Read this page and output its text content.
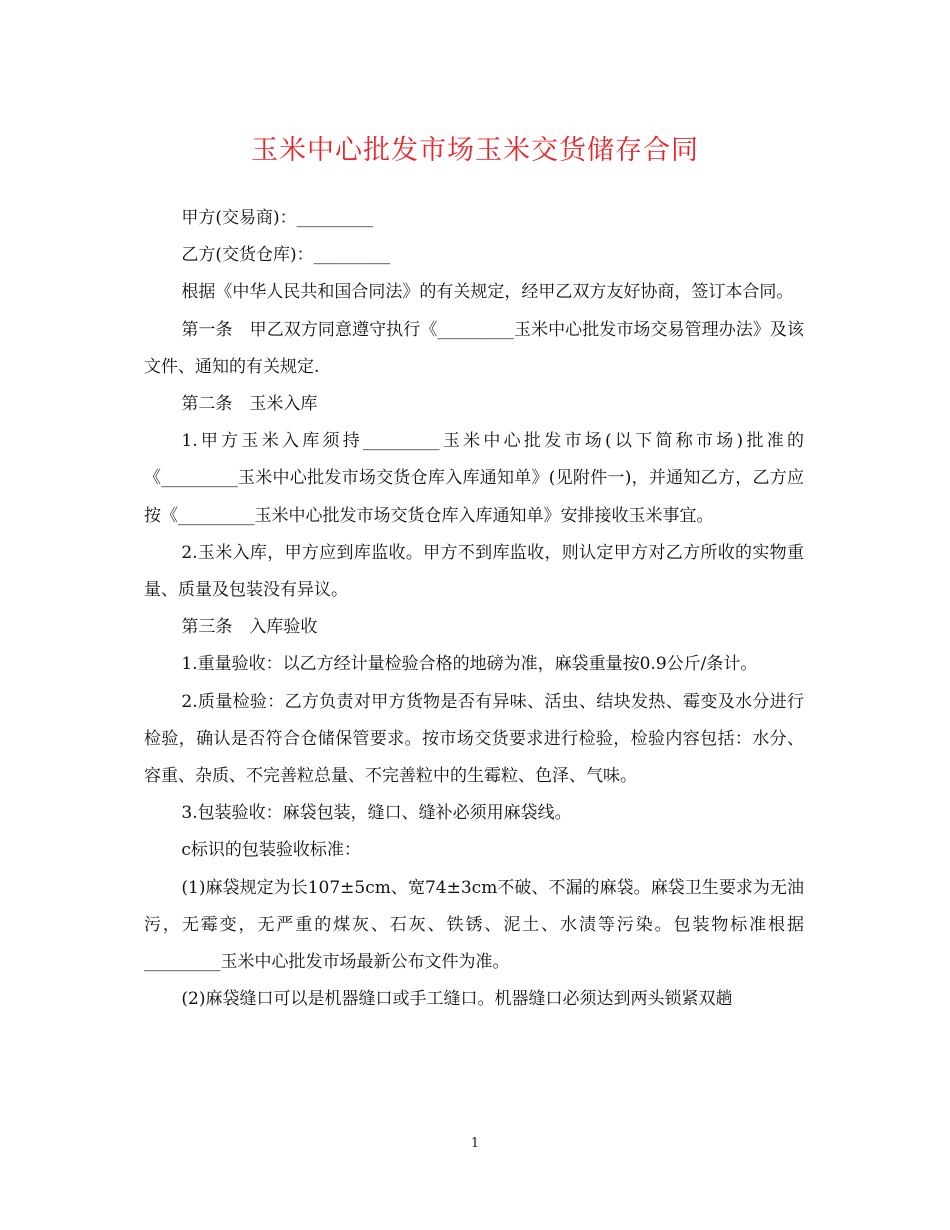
玉米中心批发市场玉米交货储存合同

甲方(交易商)：_________

乙方(交货仓库)：_________

根据《中华人民共和国合同法》的有关规定，经甲乙双方友好协商，签订本合同。

第一条　甲乙双方同意遵守执行《_________玉米中心批发市场交易管理办法》及该文件、通知的有关规定.

第二条　玉米入库

1.甲方玉米入库须持_________玉米中心批发市场(以下简称市场)批准的《_________玉米中心批发市场交货仓库入库通知单》(见附件一)，并通知乙方，乙方应按《_________玉米中心批发市场交货仓库入库通知单》安排接收玉米事宜。

2.玉米入库，甲方应到库监收。甲方不到库监收，则认定甲方对乙方所收的实物重量、质量及包装没有异议。

第三条　入库验收

1.重量验收：以乙方经计量检验合格的地磅为准，麻袋重量按0.9公斤/条计。

2.质量检验：乙方负责对甲方货物是否有异味、活虫、结块发热、霉变及水分进行检验，确认是否符合仓储保管要求。按市场交货要求进行检验，检验内容包括：水分、容重、杂质、不完善粒总量、不完善粒中的生霉粒、色泽、气味。

3.包装验收：麻袋包装，缝口、缝补必须用麻袋线。

c标识的包装验收标准：

(1)麻袋规定为长107±5cm、宽74±3cm不破、不漏的麻袋。麻袋卫生要求为无油污，无霉变，无严重的煤灰、石灰、铁锈、泥土、水渍等污染。包装物标准根据_________玉米中心批发市场最新公布文件为准。

(2)麻袋缝口可以是机器缝口或手工缝口。机器缝口必须达到两头锁紧双趟

1
